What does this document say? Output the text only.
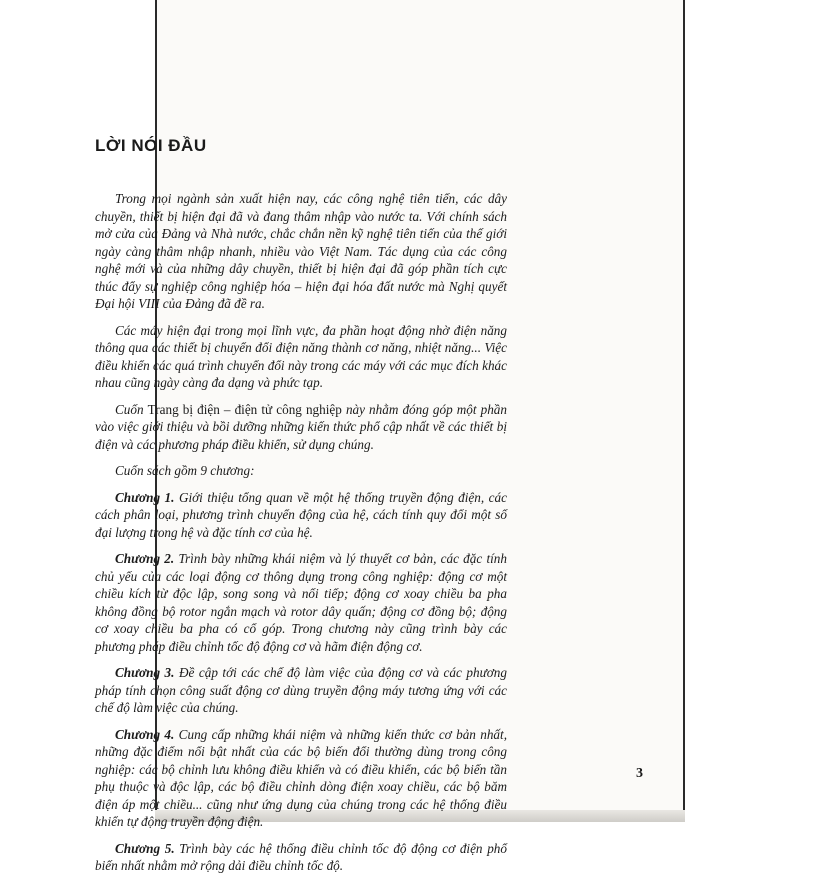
LỜI NÓI ĐẦU

Trong mọi ngành sản xuất hiện nay, các công nghệ tiên tiến, các dây chuyền, thiết bị hiện đại đã và đang thâm nhập vào nước ta. Với chính sách mở cửa của Đảng và Nhà nước, chắc chắn nền kỹ nghệ tiên tiến của thế giới ngày càng thâm nhập nhanh, nhiều vào Việt Nam. Tác dụng của các công nghệ mới và của những dây chuyền, thiết bị hiện đại đã góp phần tích cực thúc đẩy sự nghiệp công nghiệp hóa – hiện đại hóa đất nước mà Nghị quyết Đại hội VIII của Đảng đã đề ra.

Các máy hiện đại trong mọi lĩnh vực, đa phần hoạt động nhờ điện năng thông qua các thiết bị chuyển đổi điện năng thành cơ năng, nhiệt năng... Việc điều khiển các quá trình chuyển đổi này trong các máy với các mục đích khác nhau cũng ngày càng đa dạng và phức tạp.

Cuốn Trang bị điện – điện tử công nghiệp này nhằm đóng góp một phần vào việc giới thiệu và bồi dưỡng những kiến thức phổ cập nhất về các thiết bị điện và các phương pháp điều khiển, sử dụng chúng.

Cuốn sách gồm 9 chương:

Chương 1. Giới thiệu tổng quan về một hệ thống truyền động điện, các cách phân loại, phương trình chuyển động của hệ, cách tính quy đổi một số đại lượng trong hệ và đặc tính cơ của hệ.

Chương 2. Trình bày những khái niệm và lý thuyết cơ bản, các đặc tính chủ yếu của các loại động cơ thông dụng trong công nghiệp: động cơ một chiều kích từ độc lập, song song và nối tiếp; động cơ xoay chiều ba pha không đồng bộ rotor ngắn mạch và rotor dây quấn; động cơ đồng bộ; động cơ xoay chiều ba pha có cổ góp. Trong chương này cũng trình bày các phương pháp điều chỉnh tốc độ động cơ và hãm điện động cơ.

Chương 3. Đề cập tới các chế độ làm việc của động cơ và các phương pháp tính chọn công suất động cơ dùng truyền động máy tương ứng với các chế độ làm việc của chúng.

Chương 4. Cung cấp những khái niệm và những kiến thức cơ bản nhất, những đặc điểm nổi bật nhất của các bộ biến đổi thường dùng trong công nghiệp: các bộ chỉnh lưu không điều khiển và có điều khiển, các bộ biến tần phụ thuộc và độc lập, các bộ điều chỉnh dòng điện xoay chiều, các bộ băm điện áp một chiều... cũng như ứng dụng của chúng trong các hệ thống điều khiển tự động truyền động điện.

Chương 5. Trình bày các hệ thống điều chỉnh tốc độ động cơ điện phổ biến nhất nhằm mở rộng dải điều chỉnh tốc độ.

3
